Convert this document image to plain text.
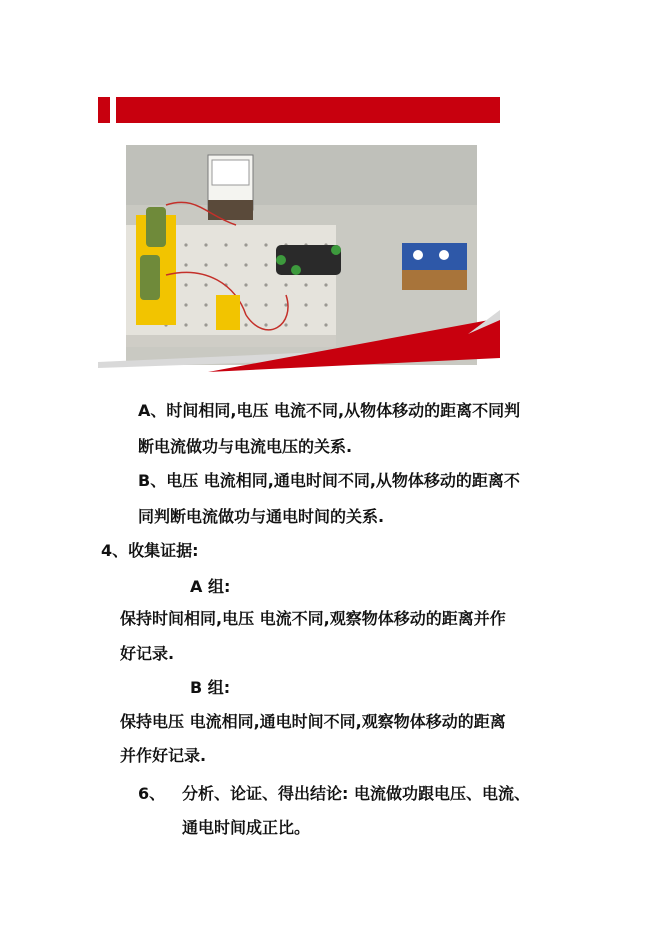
A、时间相同,电压 电流不同,从物体移动的距离不同判
断电流做功与电流电压的关系.
B、电压 电流相同,通电时间不同,从物体移动的距离不
同判断电流做功与通电时间的关系.
4、收集证据:
A 组:
保持时间相同,电压 电流不同,观察物体移动的距离并作
好记录.
B 组:
保持电压 电流相同,通电时间不同,观察物体移动的距离
并作好记录.
6、 分析、论证、得出结论: 电流做功跟电压、电流、
通电时间成正比。
